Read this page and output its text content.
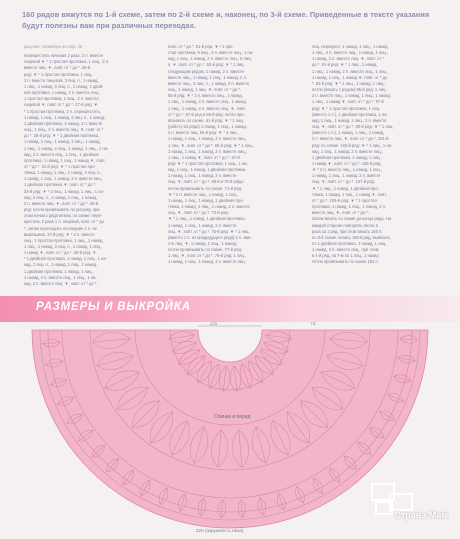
160 рядов вяжутся по 1-й схеме, затем по 2-й схеме и, наконец, по 3-й схеме. Приведенные в тексте указания будут полезны вам при различных переходах.
рисунок: посмотри на стр. 28
перекрестить начиная 2 раза, 2 п. вместе
лицевой ▼ * 1 простая протяжка, 1 лиц., 2 п.
вместе лиц. ▼, повт. от * до *. 25-й
ряд: ▼ * 1 простая протяжка, 1 лиц.,
2 п. вместе лицевой, 3 лиц. п., 1 накид,
1 лиц., 1 накид, 3 лиц. п., 1 накид, 1 двой-
ная протяжка, 1 накид, 2 п. вместе лиц.,
1 простая протяжка, 1 лиц., 2 п. вместе
лицевой ▼, повт. от * до *. 27-й ряд: ▼
* 1 простая протяжка, 2 п. перекрестить,
1 накид, 1 лиц., 1 накид, 2 лиц. п., 1 накид,
1 двойная протяжка, 1 накид, 2 п. вместе
лиц., 1 лиц., 2 п. вместе лиц. ▼, повт. от *
до *. 29-й ряд: ▼ * 1 двойная протяжка,
1 накид, 1 лиц., 1 накид, 2 лиц., 1 накид,
1 лиц., 1 накид, 2 лиц., 1 накид, 1 лиц., 1 на-
кид, 2 п. вместе лиц., 1 лиц., 1 двойная
протяжка, 1 накид, 1 лиц., 1 накид ▼, повт.
от * до *. 31-й ряд: ▼ * 1 простая про-
тяжка, 1 накид, 1 лиц., 1 накид, 4 лиц. п.,
1 накид, 1 лиц., 1 накид, 2 п. вместе лиц.,
1 двойная протяжка ▼, повт. от * до *.
33-й ряд: ▼ * 2 лиц., 1 накид, 1 лиц., 1 на-
кид, 2 лиц. п., 1 накид, 1 лиц., 1 накид,
2 п. вместе лиц. ▼, повт. от * до *. 35-й
ряд: петли провязывать по рисунку, при
этом начало ряда вязать по схеме: пере-
крестить 2 раза 1 п. лицевой, повт. от * до
*, затем переходить последние 2 п. не
вывязывая, 37-й ряд: ▼ * 2 п. вместе
лиц., 1 простая протяжка, 1 лиц., 1 накид,
1 лиц., 1 накид, 3 лиц. п., 1 накид, 1 лиц.,
1 накид ▼, повт. от * до *. 39-й ряд: ▼
* 1 двойная протяжка, 1 накид, 1 лиц., 1 на-
кид, 2 лиц. п., 1 накид, 1 лиц., 1 накид,
1 двойная протяжка, 1 накид, 1 лиц.,
1 накид, 2 п. вместе лиц., 1 лиц., 1 на-
кид, 2 п. вместе лиц. ▼, повт. от * до *.
повт. от * до *. 51-й ряд: ▼ * 1 про-
стая протяжка, 9 лиц., 2 п. вместе лиц., 1 на-
кид, 1 лиц., 1 накид, 2 п. вместе лиц., 5 лиц.
п. ▼, повт. от * до *. 53-й ряд: ▼ * 1 лиц.
следующим рядом, 1 накид, 2 п. вместе
вместе лиц., 1 накид, 1 лиц., 1 накид, 2 п.
вместе лиц., 3 лиц. п., 1 накид, 2 п. вместе
лиц., 1 накид, 1 лиц. ▼, повт. от * до *.
55-й ряд: ▼ * 2 п. вместе лиц., 1 накид,
1 лиц., 1 накид, 2 п. вместе лиц., 1 накид,
1 лиц., 1 накид, 2 п. вместе лиц. ▼, повт.
от * до *. 57-й ряд и 59-й ряд: петли про-
вязывать по схеме. 61-й ряд: ▼ * 1 лиц.
(работу 54 ряда) 1 накид, 1 лиц., 1 накид,
2 п. вместе лиц. 63-й ряд: ▼ * 2 лиц.,
1 накид, 1 лиц., 1 накид, 2 п. вместе лиц.,
1 лиц. ▼, повт. от * до *. 65-й ряд: ▼ * 1 лиц.,
1 накид, 1 лиц., 1 накид, 2 п. вместе лиц.,
1 лиц., 1 накид ▼, повт. от * до *. 67-й
ряд: ▼ * 1 простая протяжка, 1 лиц., 1 на-
кид, 1 лиц., 1 накид, 1 двойная протяжка,
1 накид, 1 лиц., 1 накид, 2 п. вместе
лиц. ▼, повт. от * до *. 69-й и 70-й ряды:
петли провязывать по схеме. 71-й ряд:
▼ * 2 п. вместе лиц., 1 накид, 1 лиц.,
1 накид, 1 лиц., 1 накид, 1 двойная про-
тяжка, 1 накид, 1 лиц., 1 накид, 2 п. вместе
лиц. ▼, повт. от * до *. 73-й ряд:
▼ * 1 лиц., 1 накид, 1 двойная протяжка,
1 накид, 1 лиц., 1 накид, 2 п. вместе
лиц. ▼, повт. от * до *. 75-й ряд: ▼ * 1 лиц.
(вместо 1 п. из предыдущего ряда) 2 п. вме-
сте лиц. ▼, 1 накид, 1 лиц., 1 накид,
петли провязывать по схеме. 77-й ряд:
1 лиц. ▼, повт. от * до *. 79-й ряд: 1 лиц.,
1 накид, 1 лиц., 1 накид, 2 п. вместе лиц.
лиц. перекрест, 1 накид, 1 лиц., 1 накид,
1 лиц., 2 п. вместе лиц., 1 накид, 1 лиц.,
1 накид, 2 п. вместе лиц. ▼, повт. от *
до *. 91-й ряд: ▼ * 1 лиц., 1 накид,
1 лиц., 1 накид, 2 п. вместе лиц., 1 лиц.,
1 накид, 1 лиц., 1 накид ▼, повт. от * до
*. 93-й ряд: ▼ * 1 лиц., 1 накид, 1 лиц.,
петли (вязать с рядом) 95-й ряд: 1 лиц.
2 п. вместе лиц., 1 накид, 1 лиц., 1 накид,
1 лиц., 1 накид ▼, повт. от * до *. 97-й
ряд: ▼ * 1 простая протяжка, 1 лиц.
(вместо 1 п.), 1 двойная протяжка, 1 на-
кид, 1 лиц., 1 накид, 1 лиц., 2 п. вместе
лиц. ▼, повт. от * до *. 99-й ряд: ▼ * 1 лиц.
(вместо 1 п.), 1 накид, 1 лиц., 1 накид,
2 п. вместе лиц. ▼, повт. от * до *. 101-й
ряд: по схеме. 103-й ряд: ▼ * 1 лиц., 1 на-
кид, 1 лиц., 1 накид, 2 п. вместе лиц.,
1 двойная протяжка, 1 накид, 1 лиц.,
1 накид ▼, повт. от * до *. 105-й ряд:
▼ * 2 п. вместе лиц., 1 накид, 1 лиц.,
1 накид, 1 лиц., 1 накид, 2 п. вместе
лиц. ▼, повт. от * до *. 107-й ряд:
▼ * 1 лиц., 1 накид, 1 двойная про-
тяжка, 1 накид, 1 лиц., 1 накид ▼, повт.
от * до *. 109-й ряд: ▼ * 1 простая
протяжка, 1 накид, 1 лиц., 1 накид, 2 п.
вместе лиц. ▼, повт. от * до *.
Затем вязать по схеме до конца ряда. На
каждой стороне повторять петли 3
раза за 1 ряд, при этом вязать 160 п.
по 3-й схеме: вязать 160-й ряд, вывязать
по 1 двойная протяжка, 1 накид, 1 лиц.,
1 накид, 2 п. вместе лиц., при этом
в 4-й ряд, на 7-м по 1 лиц., 1 накид
петли провязывать по схеме 182 п.
РАЗМЕРЫ И ВЫКРОЙКА
3,5	75
Спинка и перед
220 (окружность низа)
Страна Мам
